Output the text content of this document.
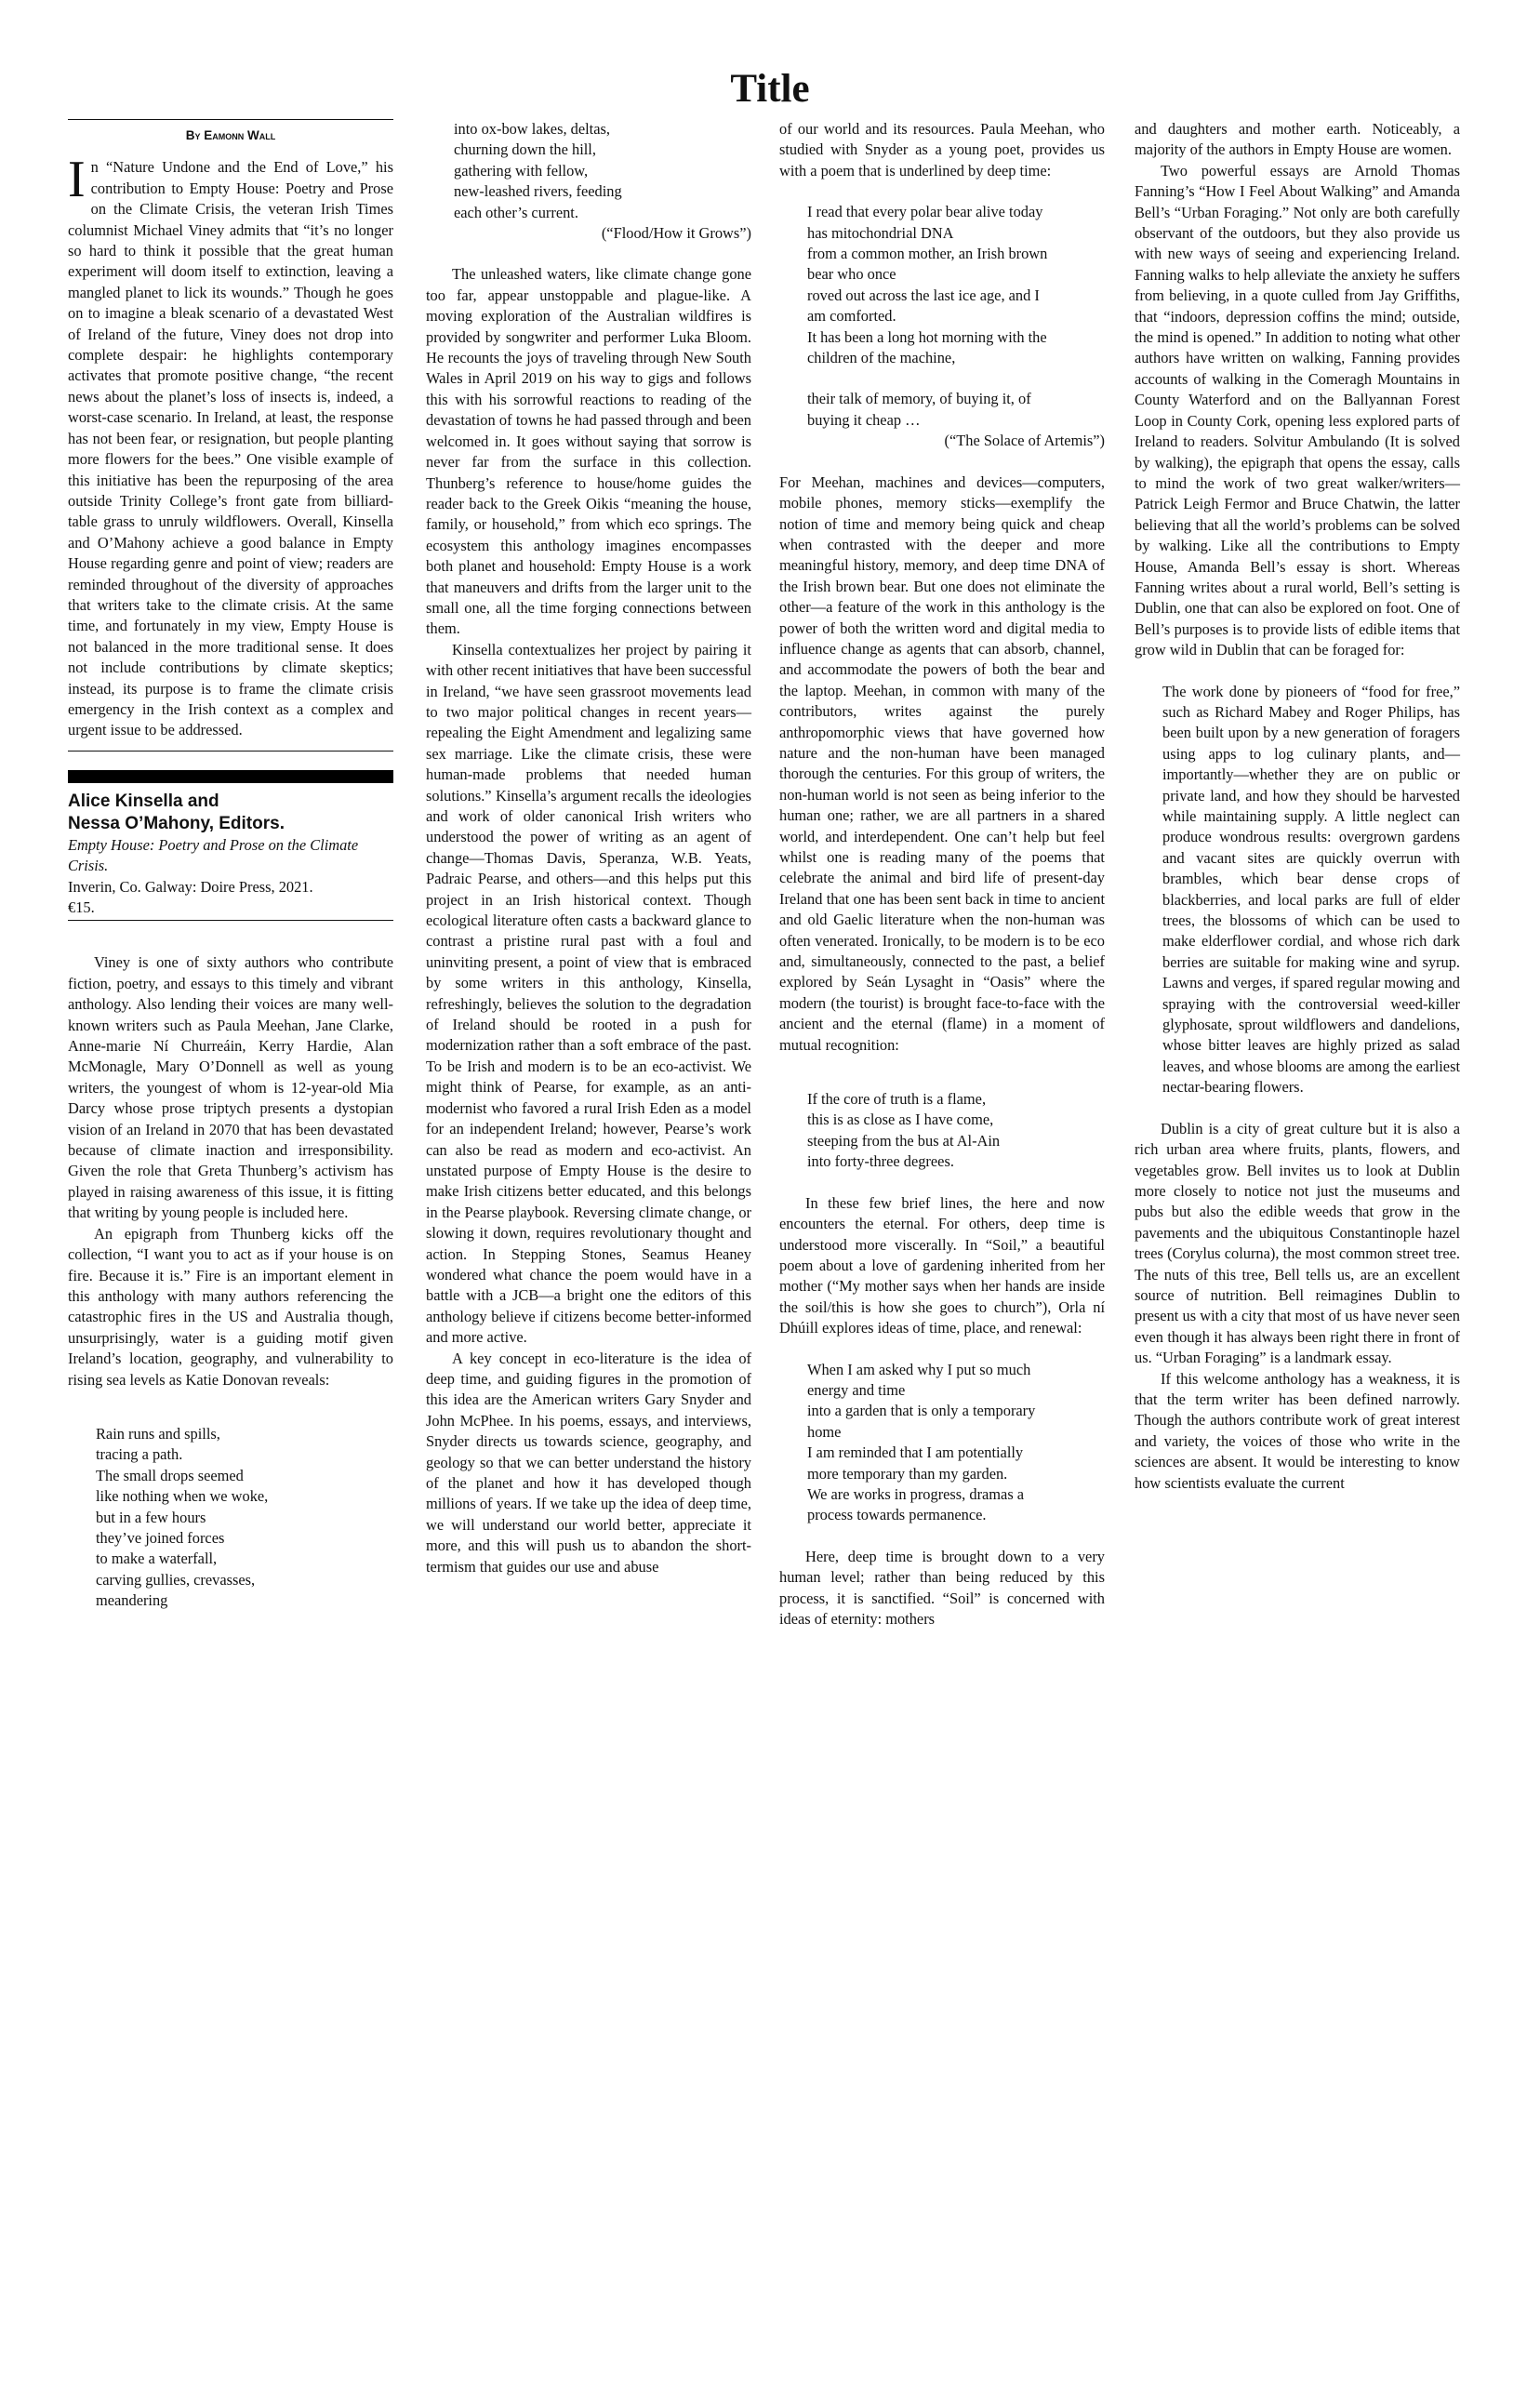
Title
By Eamonn Wall

In “Nature Undone and the End of Love,” his contribution to Empty House: Poetry and Prose on the Climate Crisis, the veteran Irish Times columnist Michael Viney admits that “it’s no longer so hard to think it possible that the great human experiment will doom itself to extinction, leaving a mangled planet to lick its wounds.” Though he goes on to imagine a bleak scenario of a devastated West of Ireland of the future, Viney does not drop into complete despair: he highlights contemporary activates that promote positive change, “the recent news about the planet’s loss of insects is, indeed, a worst-case scenario. In Ireland, at least, the response has not been fear, or resignation, but people planting more flowers for the bees.” One visible example of this initiative has been the repurposing of the area outside Trinity College’s front gate from billiard-table grass to unruly wildflowers. Overall, Kinsella and O’Mahony achieve a good balance in Empty House regarding genre and point of view; readers are reminded throughout of the diversity of approaches that writers take to the climate crisis. At the same time, and fortunately in my view, Empty House is not balanced in the more traditional sense. It does not include contributions by climate skeptics; instead, its purpose is to frame the climate crisis emergency in the Irish context as a complex and urgent issue to be addressed.

Alice Kinsella and
Nessa O’Mahony, Editors.
Empty House: Poetry and Prose on the Climate Crisis.
Inverin, Co. Galway: Doire Press, 2021.
€15.

Viney is one of sixty authors who contribute fiction, poetry, and essays to this timely and vibrant anthology. Also lending their voices are many well-known writers such as Paula Meehan, Jane Clarke, Anne-marie Ní Churreáin, Kerry Hardie, Alan McMonagle, Mary O’Donnell as well as young writers, the youngest of whom is 12-year-old Mia Darcy whose prose triptych presents a dystopian vision of an Ireland in 2070 that has been devastated because of climate inaction and irresponsibility. Given the role that Greta Thunberg’s activism has played in raising awareness of this issue, it is fitting that writing by young people is included here.

An epigraph from Thunberg kicks off the collection, “I want you to act as if your house is on fire. Because it is.” Fire is an important element in this anthology with many authors referencing the catastrophic fires in the US and Australia though, unsurprisingly, water is a guiding motif given Ireland’s location, geography, and vulnerability to rising sea levels as Katie Donovan reveals:

Rain runs and spills,
tracing a path.
The small drops seemed
like nothing when we woke,
but in a few hours
they’ve joined forces
to make a waterfall,
carving gullies, crevasses,
meandering
into ox-bow lakes, deltas,
churning down the hill,
gathering with fellow,
new-leashed rivers, feeding
each other’s current.
(“Flood/How it Grows”)

The unleashed waters, like climate change gone too far, appear unstoppable and plague-like. A moving exploration of the Australian wildfires is provided by songwriter and performer Luka Bloom. He recounts the joys of traveling through New South Wales in April 2019 on his way to gigs and follows this with his sorrowful reactions to reading of the devastation of towns he had passed through and been welcomed in. It goes without saying that sorrow is never far from the surface in this collection. Thunberg’s reference to house/home guides the reader back to the Greek Oikis “meaning the house, family, or household,” from which eco springs. The ecosystem this anthology imagines encompasses both planet and household: Empty House is a work that maneuvers and drifts from the larger unit to the small one, all the time forging connections between them.

Kinsella contextualizes her project by pairing it with other recent initiatives that have been successful in Ireland, “we have seen grassroot movements lead to two major political changes in recent years—repealing the Eight Amendment and legalizing same sex marriage. Like the climate crisis, these were human-made problems that needed human solutions.” Kinsella’s argument recalls the ideologies and work of older canonical Irish writers who understood the power of writing as an agent of change—Thomas Davis, Speranza, W.B. Yeats, Padraic Pearse, and others—and this helps put this project in an Irish historical context. Though ecological literature often casts a backward glance to contrast a pristine rural past with a foul and uninviting present, a point of view that is embraced by some writers in this anthology, Kinsella, refreshingly, believes the solution to the degradation of Ireland should be rooted in a push for modernization rather than a soft embrace of the past. To be Irish and modern is to be an eco-activist. We might think of Pearse, for example, as an anti-modernist who favored a rural Irish Eden as a model for an independent Ireland; however, Pearse’s work can also be read as modern and eco-activist. An unstated purpose of Empty House is the desire to make Irish citizens better educated, and this belongs in the Pearse playbook. Reversing climate change, or slowing it down, requires revolutionary thought and action. In Stepping Stones, Seamus Heaney wondered what chance the poem would have in a battle with a JCB—a bright one the editors of this anthology believe if citizens become better-informed and more active.

A key concept in eco-literature is the idea of deep time, and guiding figures in the promotion of this idea are the American writers Gary Snyder and John McPhee. In his poems, essays, and interviews, Snyder directs us towards science, geography, and geology so that we can better understand the history of the planet and how it has developed though millions of years. If we take up the idea of deep time, we will understand our world better, appreciate it more, and this will push us to abandon the short-termism that guides our use and abuse

of our world and its resources. Paula Meehan, who studied with Snyder as a young poet, provides us with a poem that is underlined by deep time:

I read that every polar bear alive today
has mitochondrial DNA
from a common mother, an Irish brown
bear who once
roved out across the last ice age, and I
am comforted.
It has been a long hot morning with the
children of the machine,
their talk of memory, of buying it, of
buying it cheap …
(“The Solace of Artemis”)

For Meehan, machines and devices—computers, mobile phones, memory sticks—exemplify the notion of time and memory being quick and cheap when contrasted with the deeper and more meaningful history, memory, and deep time DNA of the Irish brown bear. But one does not eliminate the other—a feature of the work in this anthology is the power of both the written word and digital media to influence change as agents that can absorb, channel, and accommodate the powers of both the bear and the laptop. Meehan, in common with many of the contributors, writes against the purely anthropomorphic views that have governed how nature and the non-human have been managed thorough the centuries. For this group of writers, the non-human world is not seen as being inferior to the human one; rather, we are all partners in a shared world, and interdependent. One can’t help but feel whilst one is reading many of the poems that celebrate the animal and bird life of present-day Ireland that one has been sent back in time to ancient and old Gaelic literature when the non-human was often venerated. Ironically, to be modern is to be eco and, simultaneously, connected to the past, a belief explored by Seán Lysaght in “Oasis” where the modern (the tourist) is brought face-to-face with the ancient and the eternal (flame) in a moment of mutual recognition:

If the core of truth is a flame,
this is as close as I have come,
steeping from the bus at Al-Ain
into forty-three degrees.

In these few brief lines, the here and now encounters the eternal. For others, deep time is understood more viscerally. In “Soil,” a beautiful poem about a love of gardening inherited from her mother (“My mother says when her hands are inside the soil/this is how she goes to church”), Orla ní Dhúill explores ideas of time, place, and renewal:

When I am asked why I put so much
energy and time
into a garden that is only a temporary
home
I am reminded that I am potentially
more temporary than my garden.
We are works in progress, dramas a
process towards permanence.

Here, deep time is brought down to a very human level; rather than being reduced by this process, it is sanctified. “Soil” is concerned with ideas of eternity: mothers

and daughters and mother earth. Noticeably, a majority of the authors in Empty House are women.

Two powerful essays are Arnold Thomas Fanning’s “How I Feel About Walking” and Amanda Bell’s “Urban Foraging.” Not only are both carefully observant of the outdoors, but they also provide us with new ways of seeing and experiencing Ireland. Fanning walks to help alleviate the anxiety he suffers from believing, in a quote culled from Jay Griffiths, that “indoors, depression coffins the mind; outside, the mind is opened.” In addition to noting what other authors have written on walking, Fanning provides accounts of walking in the Comeragh Mountains in County Waterford and on the Ballyannan Forest Loop in County Cork, opening less explored parts of Ireland to readers. Solvitur Ambulando (It is solved by walking), the epigraph that opens the essay, calls to mind the work of two great walker/writers—Patrick Leigh Fermor and Bruce Chatwin, the latter believing that all the world’s problems can be solved by walking. Like all the contributions to Empty House, Amanda Bell’s essay is short. Whereas Fanning writes about a rural world, Bell’s setting is Dublin, one that can also be explored on foot. One of Bell’s purposes is to provide lists of edible items that grow wild in Dublin that can be foraged for:

The work done by pioneers of “food for free,” such as Richard Mabey and Roger Philips, has been built upon by a new generation of foragers using apps to log culinary plants, and—importantly—whether they are on public or private land, and how they should be harvested while maintaining supply. A little neglect can produce wondrous results: overgrown gardens and vacant sites are quickly overrun with brambles, which bear dense crops of blackberries, and local parks are full of elder trees, the blossoms of which can be used to make elderflower cordial, and whose rich dark berries are suitable for making wine and syrup. Lawns and verges, if spared regular mowing and spraying with the controversial weed-killer glyphosate, sprout wildflowers and dandelions, whose bitter leaves are highly prized as salad leaves, and whose blooms are among the earliest nectar-bearing flowers.

Dublin is a city of great culture but it is also a rich urban area where fruits, plants, flowers, and vegetables grow. Bell invites us to look at Dublin more closely to notice not just the museums and pubs but also the edible weeds that grow in the pavements and the ubiquitous Constantinople hazel trees (Corylus colurna), the most common street tree. The nuts of this tree, Bell tells us, are an excellent source of nutrition. Bell reimagines Dublin to present us with a city that most of us have never seen even though it has always been right there in front of us. “Urban Foraging” is a landmark essay.

If this welcome anthology has a weakness, it is that the term writer has been defined narrowly. Though the authors contribute work of great interest and variety, the voices of those who write in the sciences are absent. It would be interesting to know how scientists evaluate the current
